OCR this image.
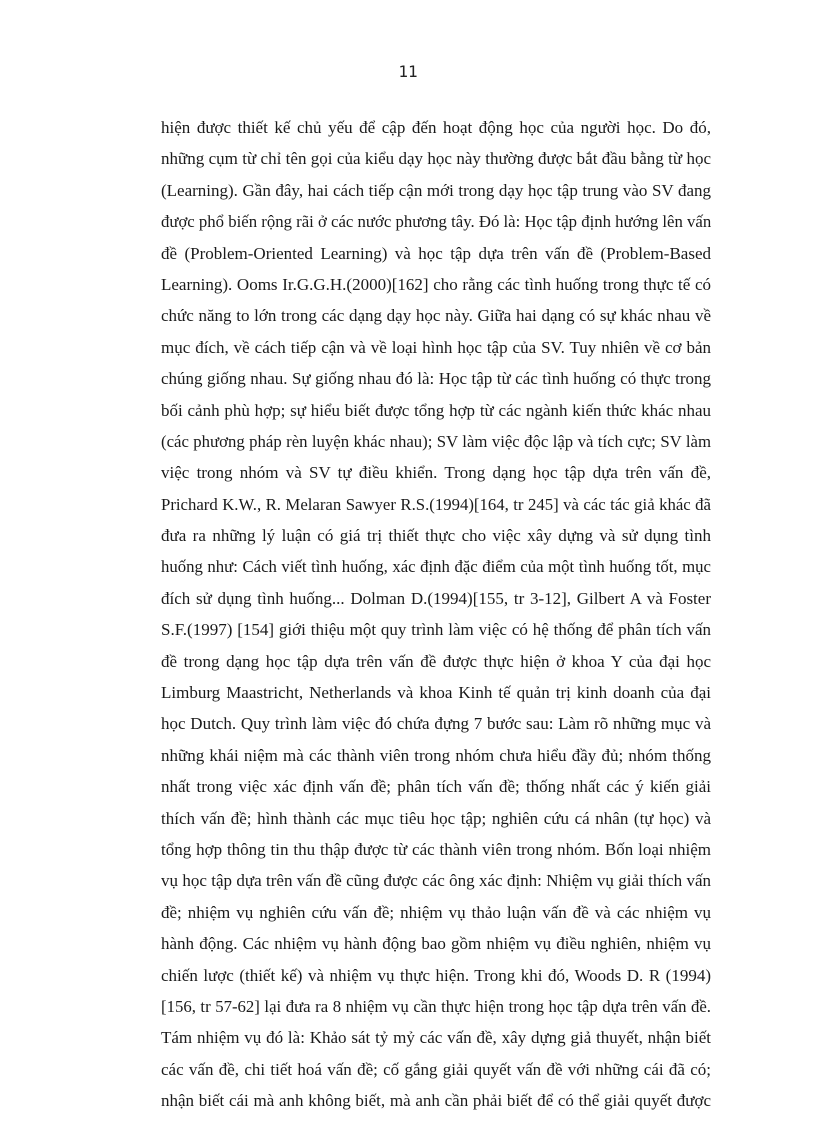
11
hiện được thiết kế chủ yếu để cập đến hoạt động học của người học. Do đó,
những cụm từ chỉ tên gọi của kiểu dạy học này thường được bắt đầu bằng từ học
(Learning). Gần đây, hai cách tiếp cận mới trong dạy học tập trung vào SV đang
được phổ biến rộng rãi ở các nước phương tây. Đó là: Học tập định hướng lên vấn
đề (Problem-Oriented Learning) và học tập dựa trên vấn đề (Problem-Based
Learning). Ooms Ir.G.G.H.(2000)[162] cho rằng các tình huống trong thực tế có
chức năng to lớn trong các dạng dạy học này. Giữa hai dạng có sự khác nhau về
mục đích, về cách tiếp cận và về loại hình học tập của SV. Tuy nhiên về cơ bản
chúng giống nhau. Sự giống nhau đó là: Học tập từ các tình huống có thực trong
bối cảnh phù hợp; sự hiểu biết được tổng hợp từ các ngành kiến thức khác nhau
(các phương pháp rèn luyện khác nhau); SV làm việc độc lập và tích cực; SV làm
việc trong nhóm và SV tự điều khiển. Trong dạng học tập dựa trên vấn đề,
Prichard K.W., R. Melaran Sawyer R.S.(1994)[164, tr 245] và các tác giả khác đã
đưa ra những lý luận có giá trị thiết thực cho việc xây dựng và sử dụng tình
huống như: Cách viết tình huống, xác định đặc điểm của một tình huống tốt, mục
đích sử dụng tình huống... Dolman D.(1994)[155, tr 3-12], Gilbert A và Foster
S.F.(1997) [154] giới thiệu một quy trình làm việc có hệ thống để phân tích vấn
đề trong dạng học tập dựa trên vấn đề được thực hiện ở khoa Y của đại học
Limburg Maastricht, Netherlands và khoa Kinh tế quản trị kinh doanh của đại
học Dutch. Quy trình làm việc đó chứa đựng 7 bước sau: Làm rõ những mục và
những khái niệm mà các thành viên trong nhóm chưa hiểu đầy đủ; nhóm thống
nhất trong việc xác định vấn đề; phân tích vấn đề; thống nhất các ý kiến giải
thích vấn đề; hình thành các mục tiêu học tập; nghiên cứu cá nhân (tự học) và
tổng hợp thông tin thu thập được từ các thành viên trong nhóm. Bốn loại nhiệm
vụ học tập dựa trên vấn đề cũng được các ông xác định: Nhiệm vụ giải thích vấn
đề; nhiệm vụ nghiên cứu vấn đề; nhiệm vụ thảo luận vấn đề và các nhiệm vụ
hành động. Các nhiệm vụ hành động bao gồm nhiệm vụ điều nghiên, nhiệm vụ
chiến lược (thiết kế) và nhiệm vụ thực hiện. Trong khi đó, Woods D. R (1994)
[156, tr 57-62] lại đưa ra 8 nhiệm vụ cần thực hiện trong học tập dựa trên vấn đề.
Tám nhiệm vụ đó là: Khảo sát tỷ mỷ các vấn đề, xây dựng giả thuyết, nhận biết
các vấn đề, chi tiết hoá vấn đề; cố gắng giải quyết vấn đề với những cái đã có;
nhận biết cái mà anh không biết, mà anh cần phải biết để có thể giải quyết được
